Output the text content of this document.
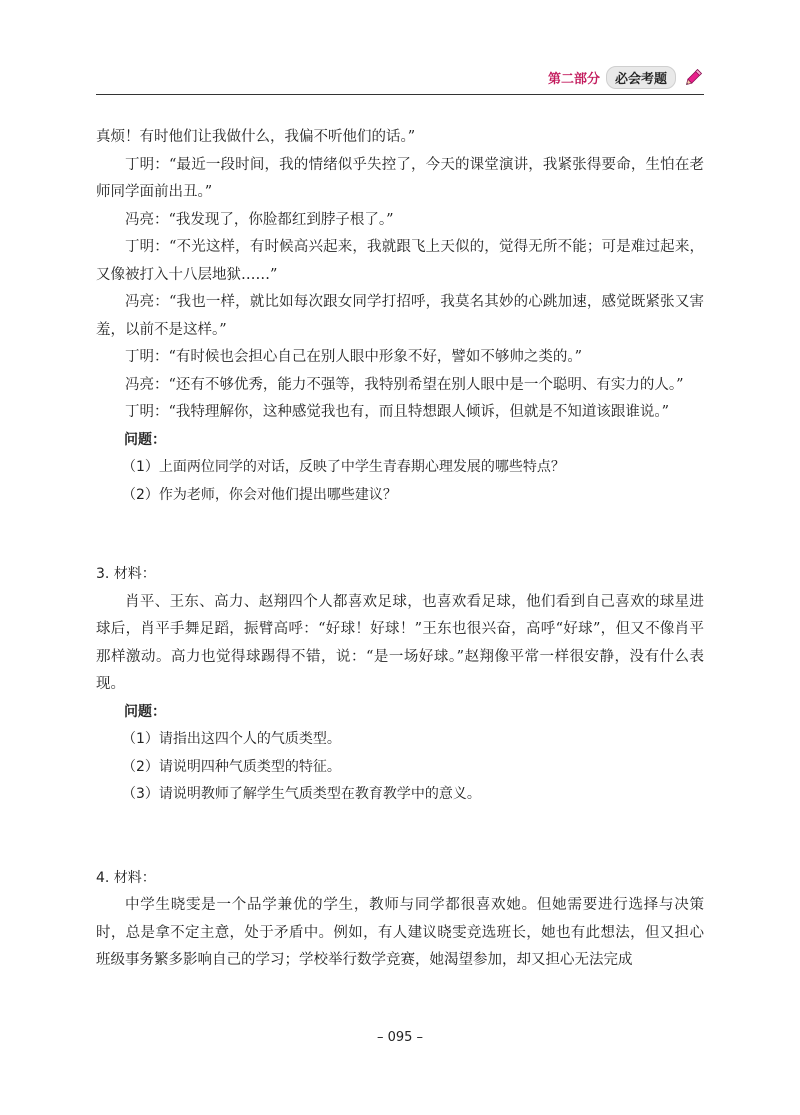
第二部分	必会考题

真烦！有时他们让我做什么，我偏不听他们的话。”

丁明：“最近一段时间，我的情绪似乎失控了，今天的课堂演讲，我紧张得要命，生怕在老师同学面前出丑。”

冯亮：“我发现了，你脸都红到脖子根了。”

丁明：“不光这样，有时候高兴起来，我就跟飞上天似的，觉得无所不能；可是难过起来，又像被打入十八层地狱……”

冯亮：“我也一样，就比如每次跟女同学打招呼，我莫名其妙的心跳加速，感觉既紧张又害羞，以前不是这样。”

丁明：“有时候也会担心自己在别人眼中形象不好，譬如不够帅之类的。”

冯亮：“还有不够优秀，能力不强等，我特别希望在别人眼中是一个聪明、有实力的人。”

丁明：“我特理解你，这种感觉我也有，而且特想跟人倾诉，但就是不知道该跟谁说。”

问题：

（1）上面两位同学的对话，反映了中学生青春期心理发展的哪些特点？

（2）作为老师，你会对他们提出哪些建议？

3. 材料：

肖平、王东、高力、赵翔四个人都喜欢足球，也喜欢看足球，他们看到自己喜欢的球星进球后，肖平手舞足蹈，振臂高呼：“好球！好球！”王东也很兴奋，高呼“好球”，但又不像肖平那样激动。高力也觉得球踢得不错，说：“是一场好球。”赵翔像平常一样很安静，没有什么表现。

问题：

（1）请指出这四个人的气质类型。

（2）请说明四种气质类型的特征。

（3）请说明教师了解学生气质类型在教育教学中的意义。

4. 材料：

中学生晓雯是一个品学兼优的学生，教师与同学都很喜欢她。但她需要进行选择与决策时，总是拿不定主意，处于矛盾中。例如，有人建议晓雯竞选班长，她也有此想法，但又担心班级事务繁多影响自己的学习；学校举行数学竞赛，她渴望参加，却又担心无法完成

– 095 –
